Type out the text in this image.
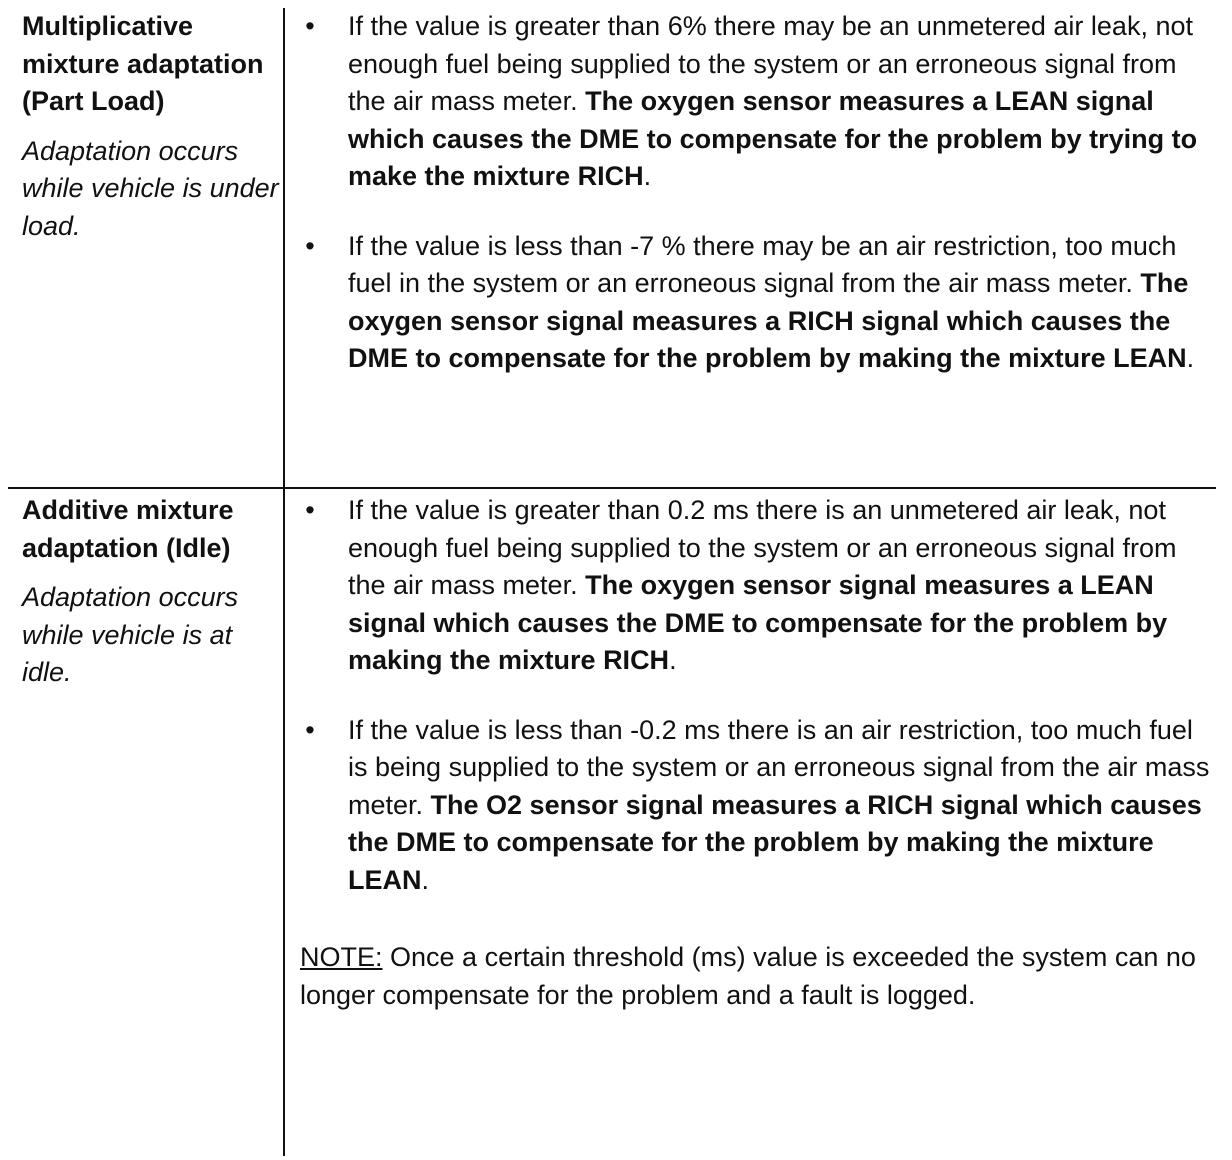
Multiplicative mixture adaptation (Part Load)

Adaptation occurs while vehicle is under load.

• If the value is greater than 6% there may be an unmetered air leak, not enough fuel being supplied to the system or an erroneous signal from the air mass meter. The oxygen sensor measures a LEAN signal which causes the DME to compensate for the problem by trying to make the mixture RICH.

• If the value is less than -7 % there may be an air restriction, too much fuel in the system or an erroneous signal from the air mass meter. The oxygen sensor signal measures a RICH signal which causes the DME to compensate for the problem by making the mixture LEAN.

Additive mixture adaptation (Idle)

Adaptation occurs while vehicle is at idle.

• If the value is greater than 0.2 ms there is an unmetered air leak, not enough fuel being supplied to the system or an erroneous signal from the air mass meter. The oxygen sensor signal measures a LEAN signal which causes the DME to compensate for the problem by making the mixture RICH.

• If the value is less than -0.2 ms there is an air restriction, too much fuel is being supplied to the system or an erroneous signal from the air mass meter. The O2 sensor signal measures a RICH signal which causes the DME to compensate for the problem by making the mixture LEAN.

NOTE: Once a certain threshold (ms) value is exceeded the system can no longer compensate for the problem and a fault is logged.
